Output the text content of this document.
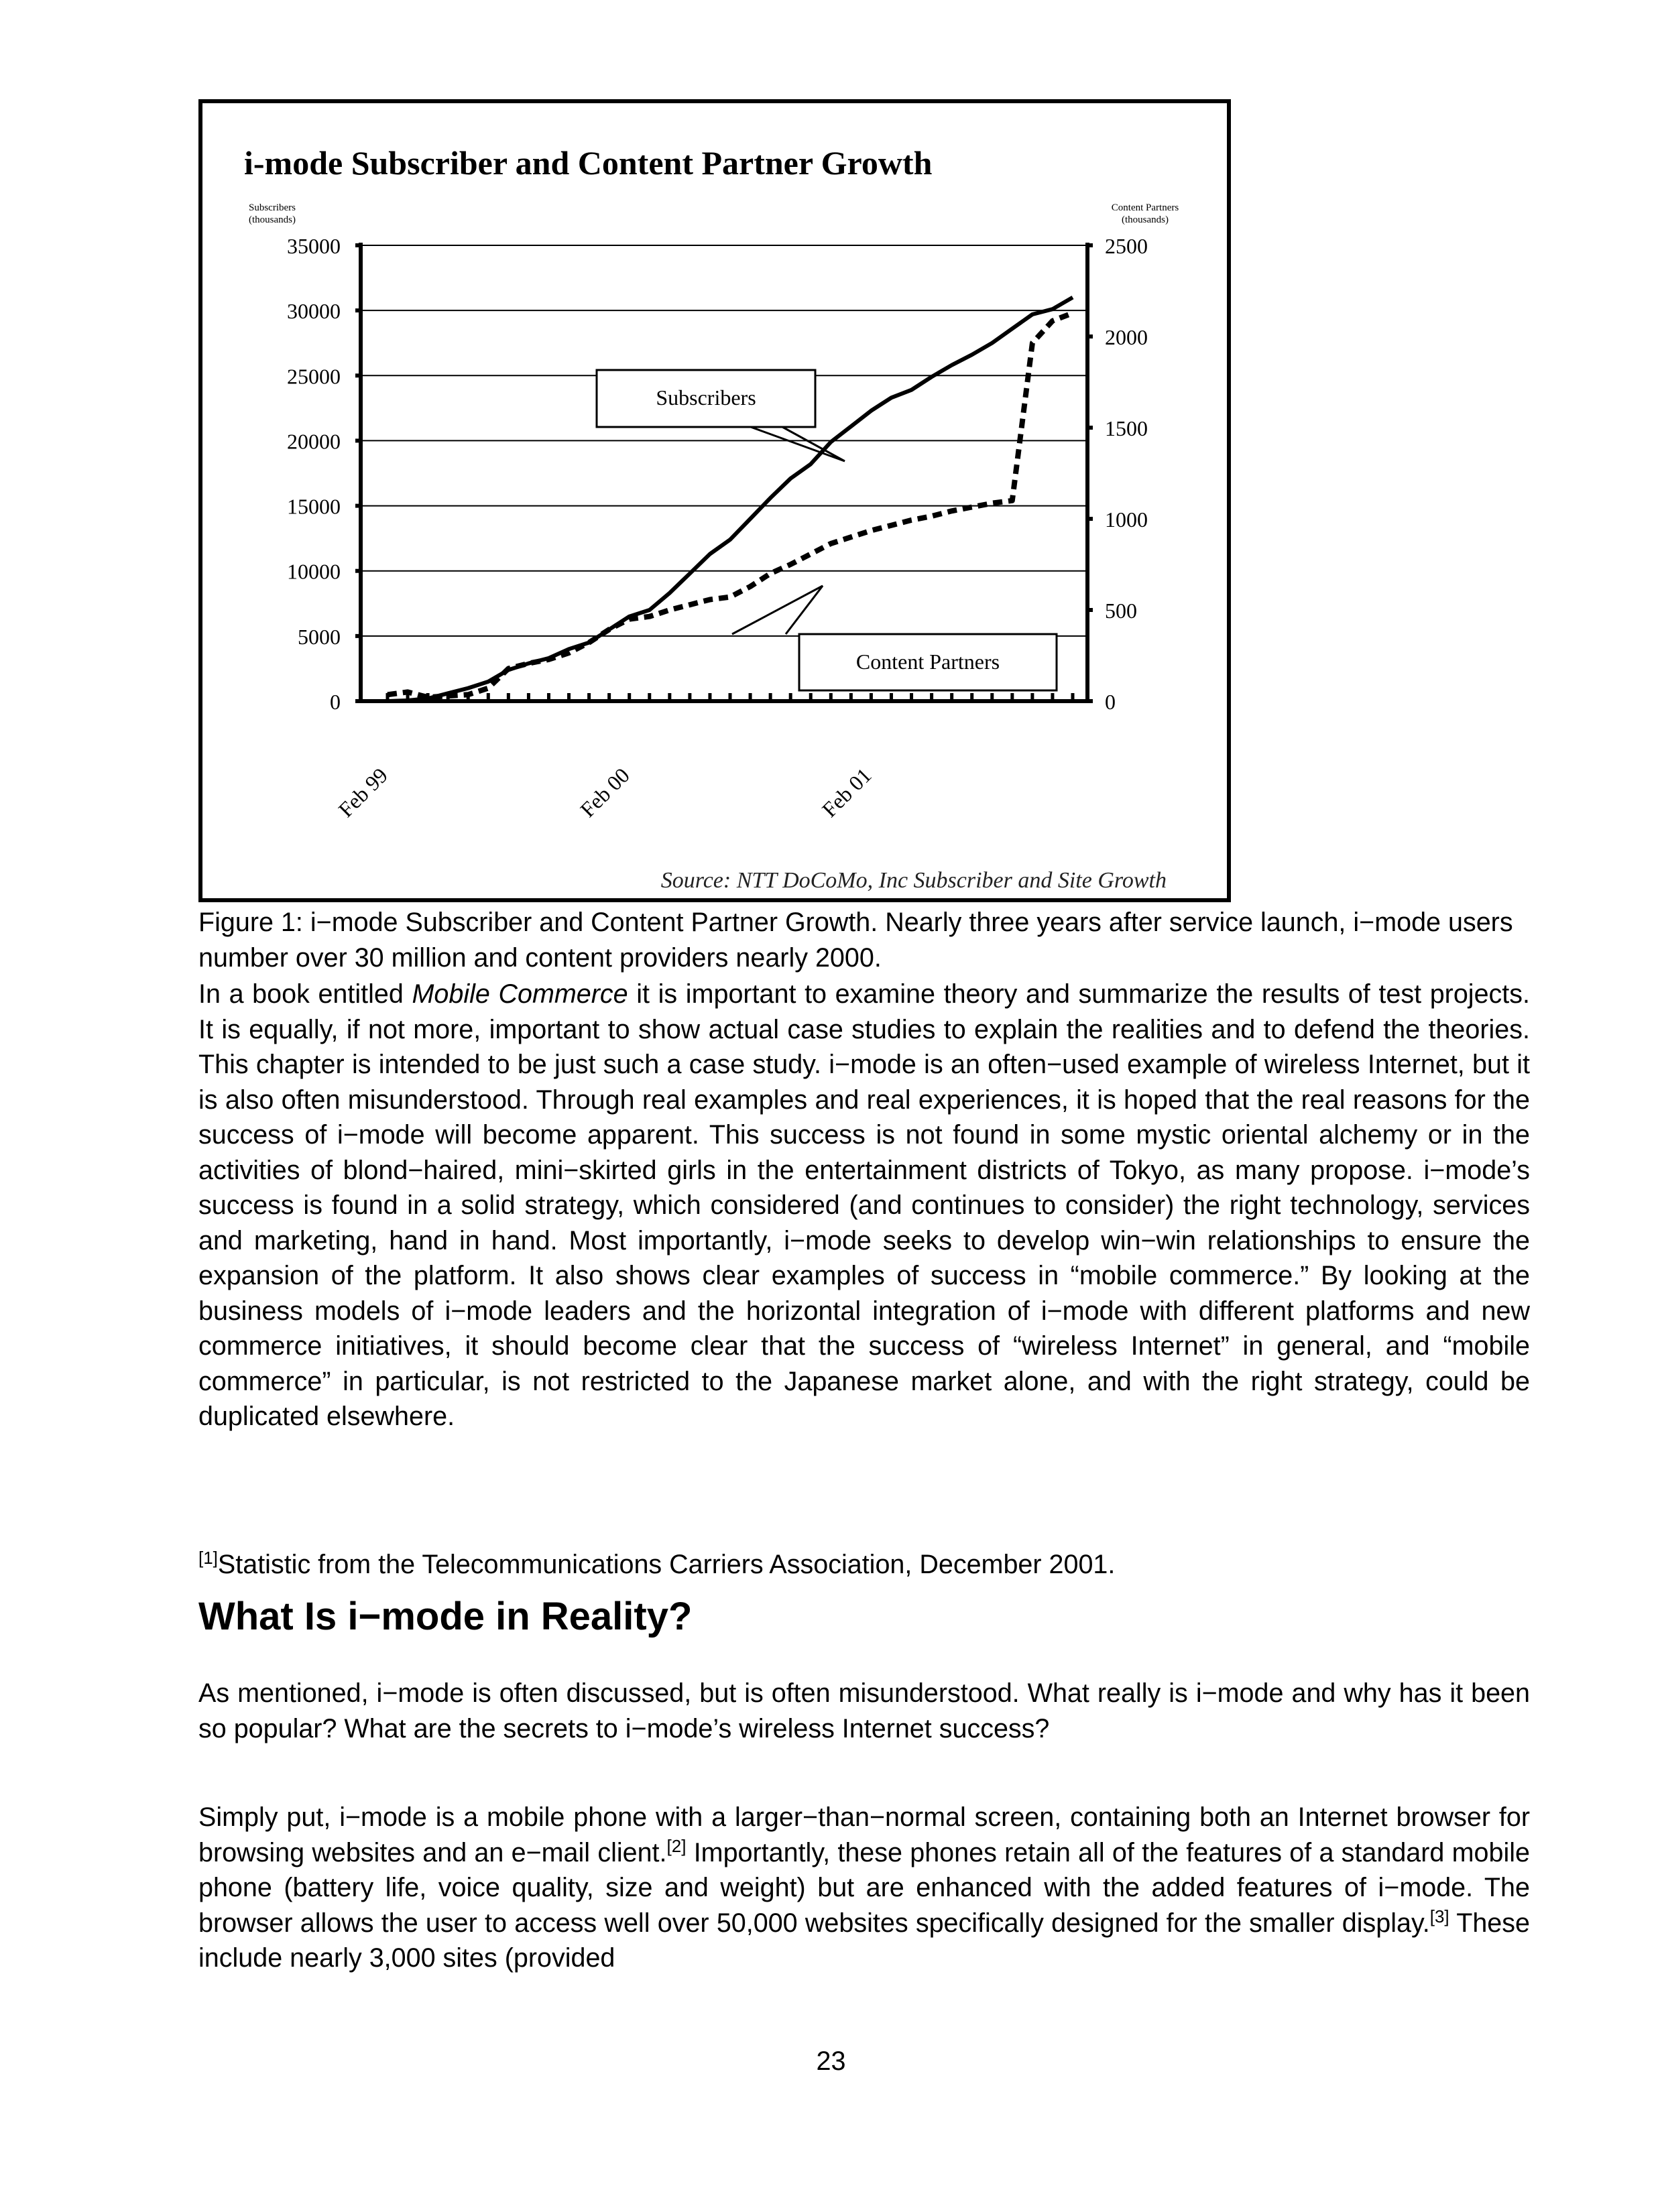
i-mode Subscriber and Content Partner Growth
Subscribers
(thousands)
Content Partners
(thousands)
35000
30000
25000
20000
15000
10000
5000
0
2500
2000
1500
1000
500
0
Feb 99	Feb 00	Feb 01
Subscribers
Content Partners
Source: NTT DoCoMo, Inc Subscriber and Site Growth

Figure 1: i−mode Subscriber and Content Partner Growth. Nearly three years after service launch, i−mode users number over 30 million and content providers nearly 2000.

In a book entitled Mobile Commerce it is important to examine theory and summarize the results of test projects. It is equally, if not more, important to show actual case studies to explain the realities and to defend the theories. This chapter is intended to be just such a case study. i−mode is an often−used example of wireless Internet, but it is also often misunderstood. Through real examples and real experiences, it is hoped that the real reasons for the success of i−mode will become apparent. This success is not found in some mystic oriental alchemy or in the activities of blond−haired, mini−skirted girls in the entertainment districts of Tokyo, as many propose. i−mode’s success is found in a solid strategy, which considered (and continues to consider) the right technology, services and marketing, hand in hand. Most importantly, i−mode seeks to develop win−win relationships to ensure the expansion of the platform. It also shows clear examples of success in “mobile commerce.” By looking at the business models of i−mode leaders and the horizontal integration of i−mode with different platforms and new commerce initiatives, it should become clear that the success of “wireless Internet” in general, and “mobile commerce” in particular, is not restricted to the Japanese market alone, and with the right strategy, could be duplicated elsewhere.

[1]Statistic from the Telecommunications Carriers Association, December 2001.

What Is i−mode in Reality?

As mentioned, i−mode is often discussed, but is often misunderstood. What really is i−mode and why has it been so popular? What are the secrets to i−mode’s wireless Internet success?

Simply put, i−mode is a mobile phone with a larger−than−normal screen, containing both an Internet browser for browsing websites and an e−mail client.[2] Importantly, these phones retain all of the features of a standard mobile phone (battery life, voice quality, size and weight) but are enhanced with the added features of i−mode. The browser allows the user to access well over 50,000 websites specifically designed for the smaller display.[3] These include nearly 3,000 sites (provided

23
